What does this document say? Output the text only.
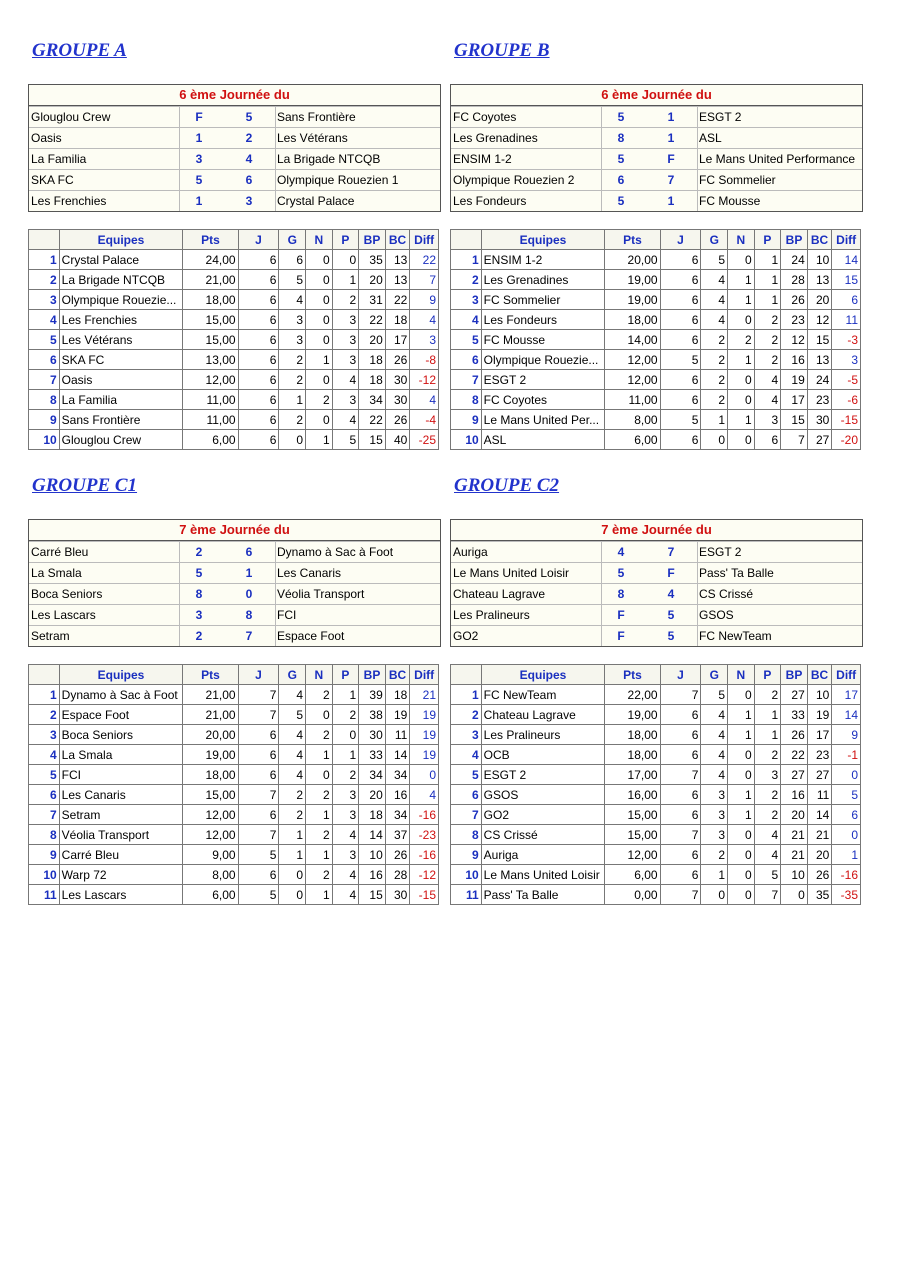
GROUPE A
6 ème Journée du
Glouglou Crew	F	5	Sans Frontière
Oasis	1	2	Les Vétérans
La Familia	3	4	La Brigade NTCQB
SKA FC	5	6	Olympique Rouezien 1
Les Frenchies	1	3	Crystal Palace
	Equipes	Pts	J	G	N	P	BP	BC	Diff
1	Crystal Palace	24,00	6	6	0	0	35	13	22
2	La Brigade NTCQB	21,00	6	5	0	1	20	13	7
3	Olympique Rouezie...	18,00	6	4	0	2	31	22	9
4	Les Frenchies	15,00	6	3	0	3	22	18	4
5	Les Vétérans	15,00	6	3	0	3	20	17	3
6	SKA FC	13,00	6	2	1	3	18	26	-8
7	Oasis	12,00	6	2	0	4	18	30	-12
8	La Familia	11,00	6	1	2	3	34	30	4
9	Sans Frontière	11,00	6	2	0	4	22	26	-4
10	Glouglou Crew	6,00	6	0	1	5	15	40	-25
GROUPE B
6 ème Journée du
FC Coyotes	5	1	ESGT 2
Les Grenadines	8	1	ASL
ENSIM 1-2	5	F	Le Mans United Performance
Olympique Rouezien 2	6	7	FC Sommelier
Les Fondeurs	5	1	FC Mousse
	Equipes	Pts	J	G	N	P	BP	BC	Diff
1	ENSIM 1-2	20,00	6	5	0	1	24	10	14
2	Les Grenadines	19,00	6	4	1	1	28	13	15
3	FC Sommelier	19,00	6	4	1	1	26	20	6
4	Les Fondeurs	18,00	6	4	0	2	23	12	11
5	FC Mousse	14,00	6	2	2	2	12	15	-3
6	Olympique Rouezie...	12,00	5	2	1	2	16	13	3
7	ESGT 2	12,00	6	2	0	4	19	24	-5
8	FC Coyotes	11,00	6	2	0	4	17	23	-6
9	Le Mans United Per...	8,00	5	1	1	3	15	30	-15
10	ASL	6,00	6	0	0	6	7	27	-20
GROUPE C1
7 ème Journée du
Carré Bleu	2	6	Dynamo à Sac à Foot
La Smala	5	1	Les Canaris
Boca Seniors	8	0	Véolia Transport
Les Lascars	3	8	FCI
Setram	2	7	Espace Foot
	Equipes	Pts	J	G	N	P	BP	BC	Diff
1	Dynamo à Sac à Foot	21,00	7	4	2	1	39	18	21
2	Espace Foot	21,00	7	5	0	2	38	19	19
3	Boca Seniors	20,00	6	4	2	0	30	11	19
4	La Smala	19,00	6	4	1	1	33	14	19
5	FCI	18,00	6	4	0	2	34	34	0
6	Les Canaris	15,00	7	2	2	3	20	16	4
7	Setram	12,00	6	2	1	3	18	34	-16
8	Véolia Transport	12,00	7	1	2	4	14	37	-23
9	Carré Bleu	9,00	5	1	1	3	10	26	-16
10	Warp 72	8,00	6	0	2	4	16	28	-12
11	Les Lascars	6,00	5	0	1	4	15	30	-15
GROUPE C2
7 ème Journée du
Auriga	4	7	ESGT 2
Le Mans United Loisir	5	F	Pass' Ta Balle
Chateau Lagrave	8	4	CS Crissé
Les Pralineurs	F	5	GSOS
GO2	F	5	FC NewTeam
	Equipes	Pts	J	G	N	P	BP	BC	Diff
1	FC NewTeam	22,00	7	5	0	2	27	10	17
2	Chateau Lagrave	19,00	6	4	1	1	33	19	14
3	Les Pralineurs	18,00	6	4	1	1	26	17	9
4	OCB	18,00	6	4	0	2	22	23	-1
5	ESGT 2	17,00	7	4	0	3	27	27	0
6	GSOS	16,00	6	3	1	2	16	11	5
7	GO2	15,00	6	3	1	2	20	14	6
8	CS Crissé	15,00	7	3	0	4	21	21	0
9	Auriga	12,00	6	2	0	4	21	20	1
10	Le Mans United Loisir	6,00	6	1	0	5	10	26	-16
11	Pass' Ta Balle	0,00	7	0	0	7	0	35	-35
